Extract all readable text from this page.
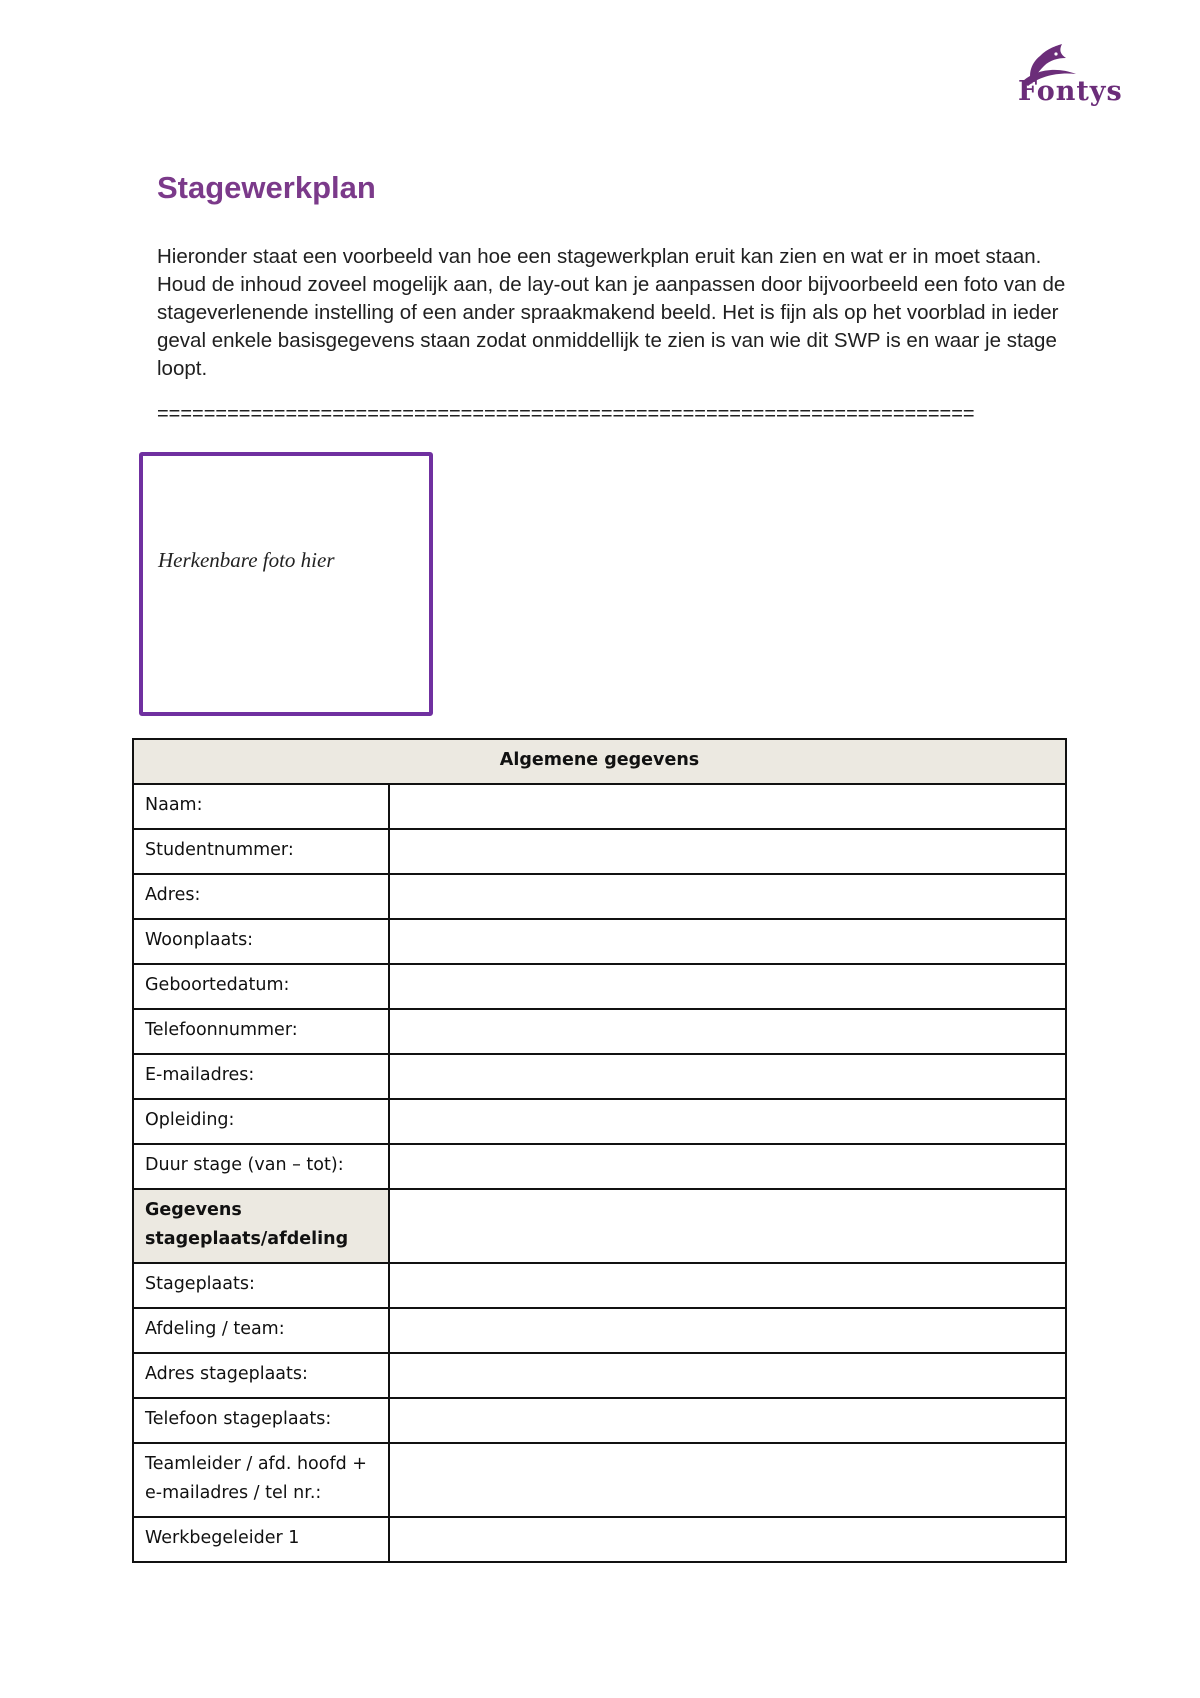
Fontys
Stagewerkplan

Hieronder staat een voorbeeld van hoe een stagewerkplan eruit kan zien en wat er in moet staan. Houd de inhoud zoveel mogelijk aan, de lay-out kan je aanpassen door bijvoorbeeld een foto van de stageverlenende instelling of een ander spraakmakend beeld. Het is fijn als op het voorblad in ieder geval enkele basisgegevens staan zodat onmiddellijk te zien is van wie dit SWP is en waar je stage loopt.

======================================================================
Herkenbare foto hier
Algemene gegevens	
Naam:	
Studentnummer:	
Adres:	
Woonplaats:	
Geboortedatum:	
Telefoonnummer:	
E-mailadres:	
Opleiding:	
Duur stage (van – tot):	
Gegevens stageplaats/afdeling	
Stageplaats:	
Afdeling / team:	
Adres stageplaats:	
Telefoon stageplaats:	
Teamleider / afd. hoofd + e-mailadres / tel nr.:	
Werkbegeleider 1	
